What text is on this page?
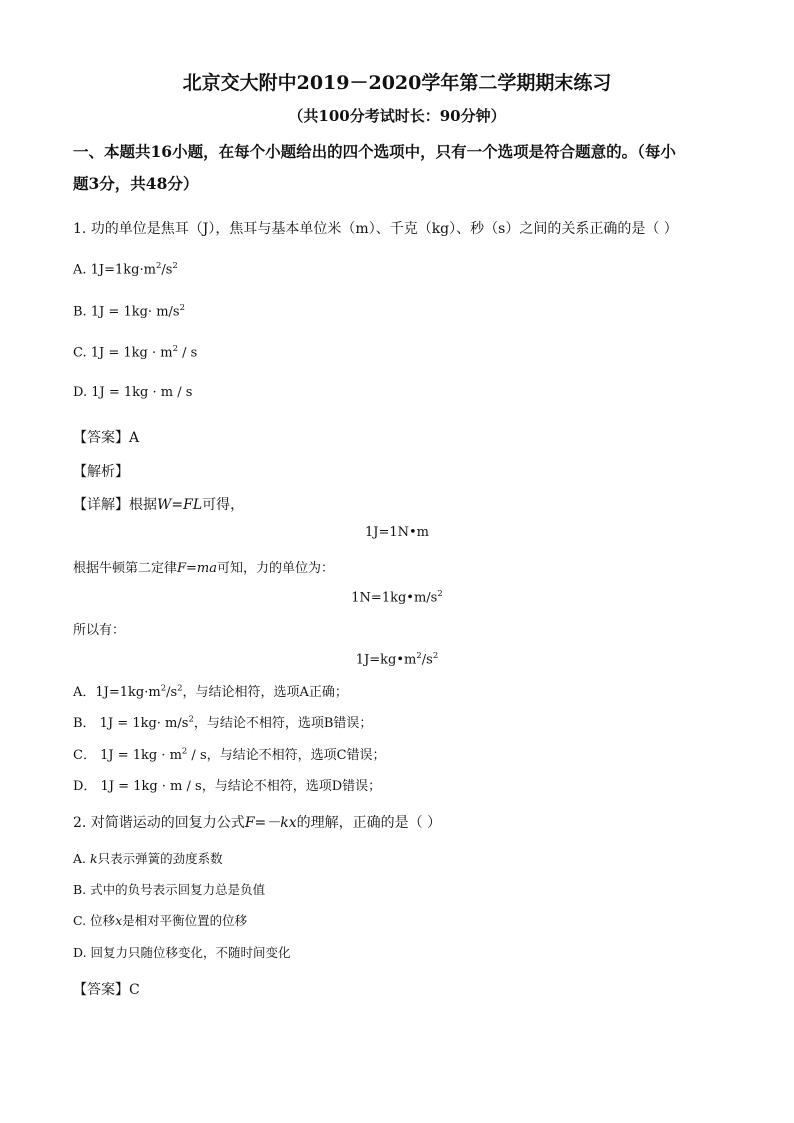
北京交大附中2019－2020学年第二学期期末练习
（共100分考试时长：90分钟）
一、本题共16小题，在每个小题给出的四个选项中，只有一个选项是符合题意的。（每小
题3分，共48分）
1. 功的单位是焦耳（J），焦耳与基本单位米（m）、千克（kg）、秒（s）之间的关系正确的是（ ）
A. $1J=1kg\cdot m^2/s^2$
B. $1J = 1kg\cdot m/s^2$
C. $1J = 1kg \cdot m^2 / s$
D. 1J = 1kg · m / s
【答案】A
【解析】
【详解】根据W=FL可得，
1J=1N•m
根据牛顿第二定律F=ma可知，力的单位为：
$1N=1kg•m/s^2$
所以有：
$1J=kg•m^2/s^2$
A．$1J=1kg\cdot m^2/s^2$，与结论相符，选项A正确；
B． $1J = 1kg\cdot m/s^2$，与结论不相符，选项B错误；
C． $1J = 1kg \cdot m^2 / s$，与结论不相符，选项C错误；
D． 1J = 1kg · m / s，与结论不相符，选项D错误；
2. 对简谐运动的回复力公式F=－kx的理解，正确的是（ ）
A. k只表示弹簧的劲度系数
B. 式中的负号表示回复力总是负值
C. 位移x是相对平衡位置的位移
D. 回复力只随位移变化，不随时间变化
【答案】C
